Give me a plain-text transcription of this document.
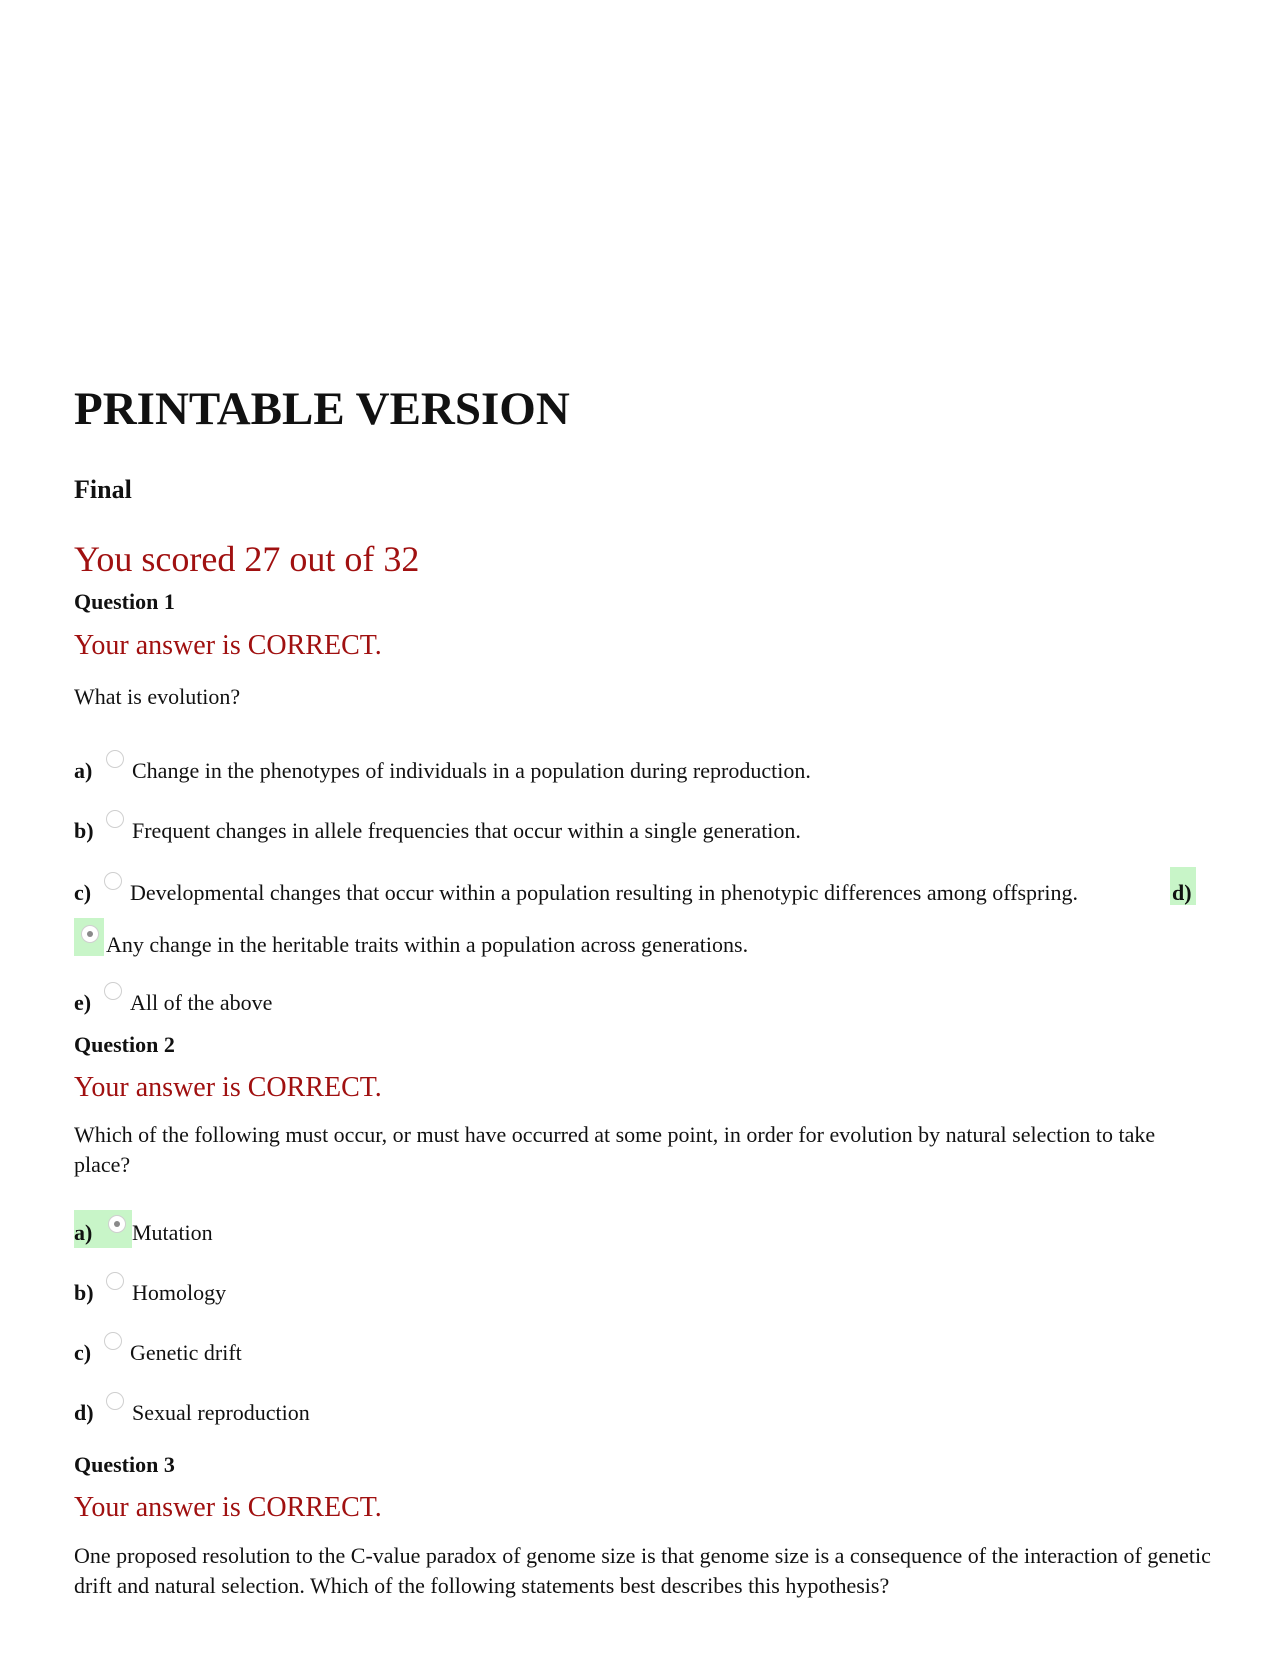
PRINTABLE VERSION
Final
You scored 27 out of 32
Question 1
Your answer is CORRECT.
What is evolution?
a) Change in the phenotypes of individuals in a population during reproduction.
b) Frequent changes in allele frequencies that occur within a single generation.
c) Developmental changes that occur within a population resulting in phenotypic differences among offspring.	d)
Any change in the heritable traits within a population across generations.
e) All of the above
Question 2
Your answer is CORRECT.
Which of the following must occur, or must have occurred at some point, in order for evolution by natural selection to take place?
a) Mutation
b) Homology
c) Genetic drift
d) Sexual reproduction
Question 3
Your answer is CORRECT.
One proposed resolution to the C-value paradox of genome size is that genome size is a consequence of the interaction of genetic drift and natural selection. Which of the following statements best describes this hypothesis?
